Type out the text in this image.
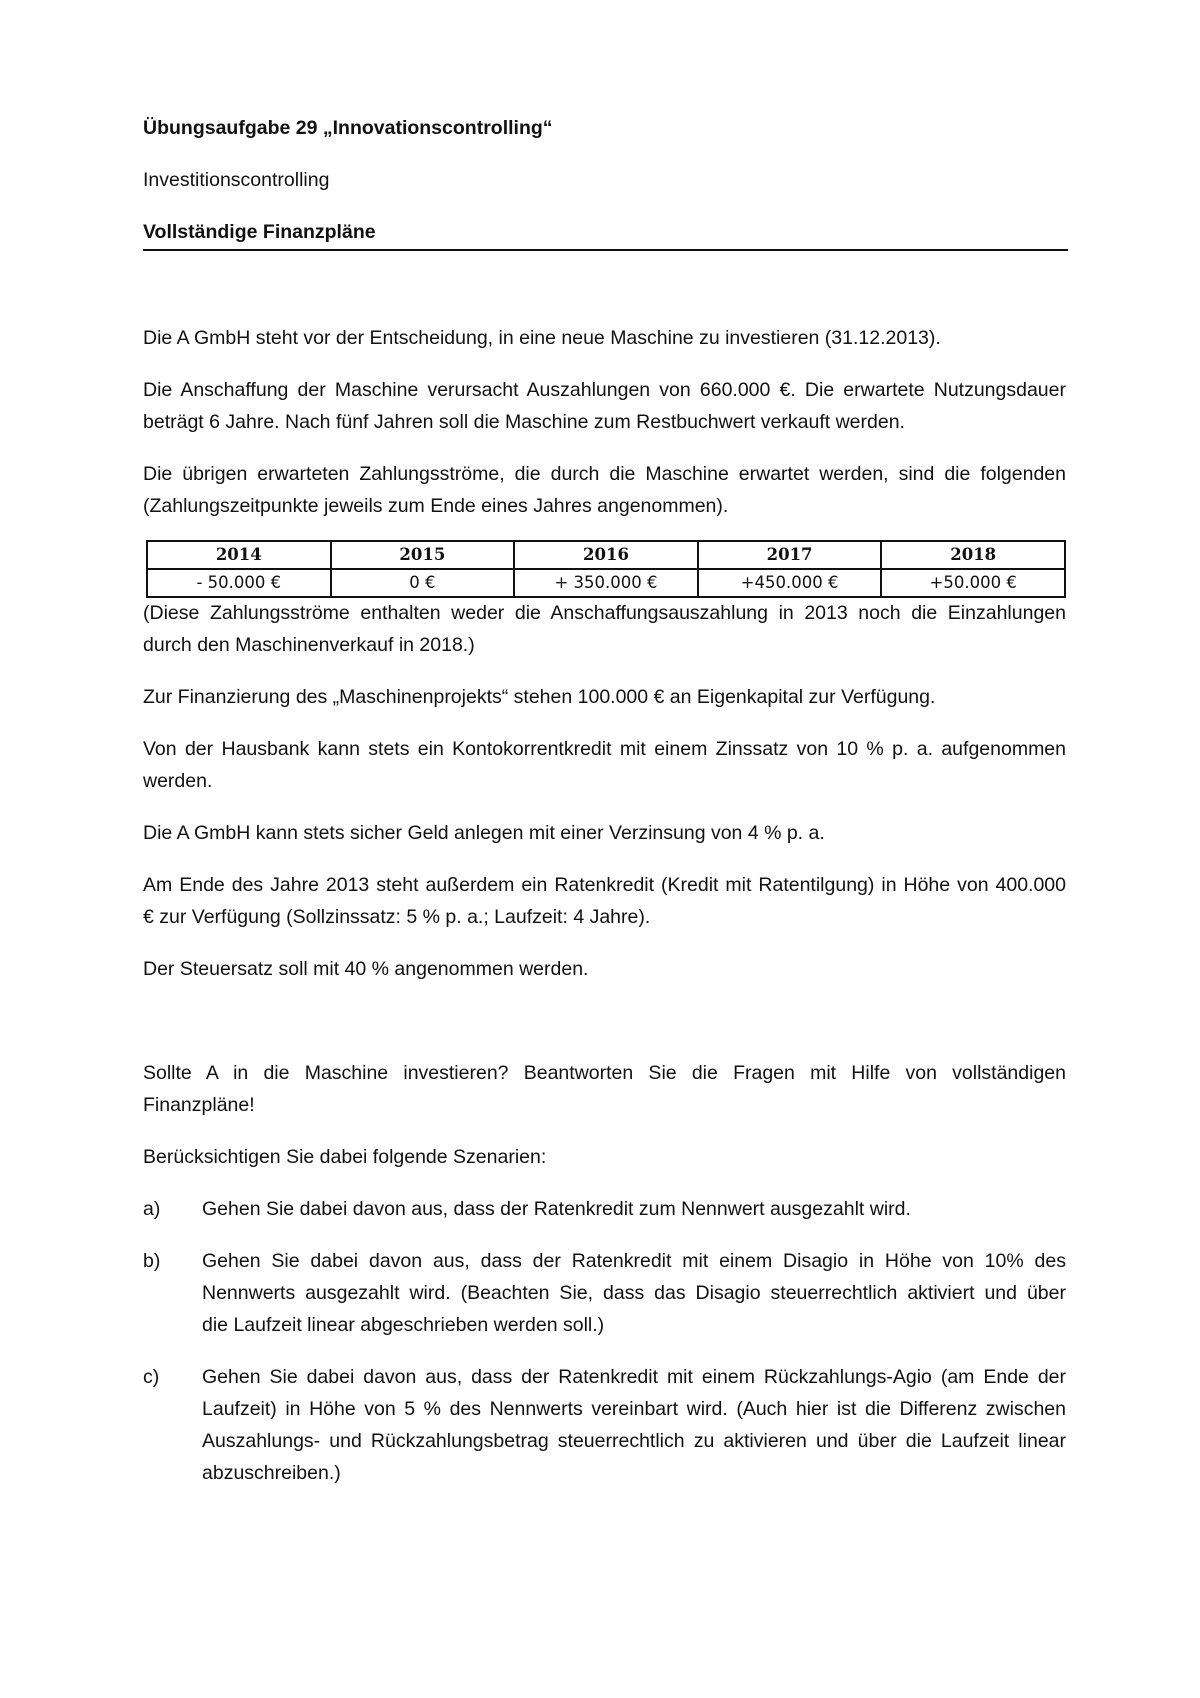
Übungsaufgabe 29 „Innovationscontrolling“
Investitionscontrolling
Vollständige Finanzpläne
Die A GmbH steht vor der Entscheidung, in eine neue Maschine zu investieren (31.12.2013).
Die Anschaffung der Maschine verursacht Auszahlungen von 660.000 €. Die erwartete Nutzungsdauer
beträgt 6 Jahre. Nach fünf Jahren soll die Maschine zum Restbuchwert verkauft werden.
Die übrigen erwarteten Zahlungsströme, die durch die Maschine erwartet werden, sind die folgenden
(Zahlungszeitpunkte jeweils zum Ende eines Jahres angenommen).
2014	2015	2016	2017	2018
- 50.000 €	0 €	+ 350.000 €	+450.000 €	+50.000 €
(Diese Zahlungsströme enthalten weder die Anschaffungsauszahlung in 2013 noch die Einzahlungen
durch den Maschinenverkauf in 2018.)
Zur Finanzierung des „Maschinenprojekts“ stehen 100.000 € an Eigenkapital zur Verfügung.
Von der Hausbank kann stets ein Kontokorrentkredit mit einem Zinssatz von 10 % p. a. aufgenommen
werden.
Die A GmbH kann stets sicher Geld anlegen mit einer Verzinsung von 4 % p. a.
Am Ende des Jahre 2013 steht außerdem ein Ratenkredit (Kredit mit Ratentilgung) in Höhe von 400.000
€ zur Verfügung (Sollzinssatz: 5 % p. a.; Laufzeit: 4 Jahre).
Der Steuersatz soll mit 40 % angenommen werden.
Sollte A in die Maschine investieren? Beantworten Sie die Fragen mit Hilfe von vollständigen
Finanzpläne!
Berücksichtigen Sie dabei folgende Szenarien:
a) Gehen Sie dabei davon aus, dass der Ratenkredit zum Nennwert ausgezahlt wird.
b) Gehen Sie dabei davon aus, dass der Ratenkredit mit einem Disagio in Höhe von 10% des
Nennwerts ausgezahlt wird. (Beachten Sie, dass das Disagio steuerrechtlich aktiviert und über
die Laufzeit linear abgeschrieben werden soll.)
c) Gehen Sie dabei davon aus, dass der Ratenkredit mit einem Rückzahlungs-Agio (am Ende der
Laufzeit) in Höhe von 5 % des Nennwerts vereinbart wird. (Auch hier ist die Differenz zwischen
Auszahlungs- und Rückzahlungsbetrag steuerrechtlich zu aktivieren und über die Laufzeit linear
abzuschreiben.)
